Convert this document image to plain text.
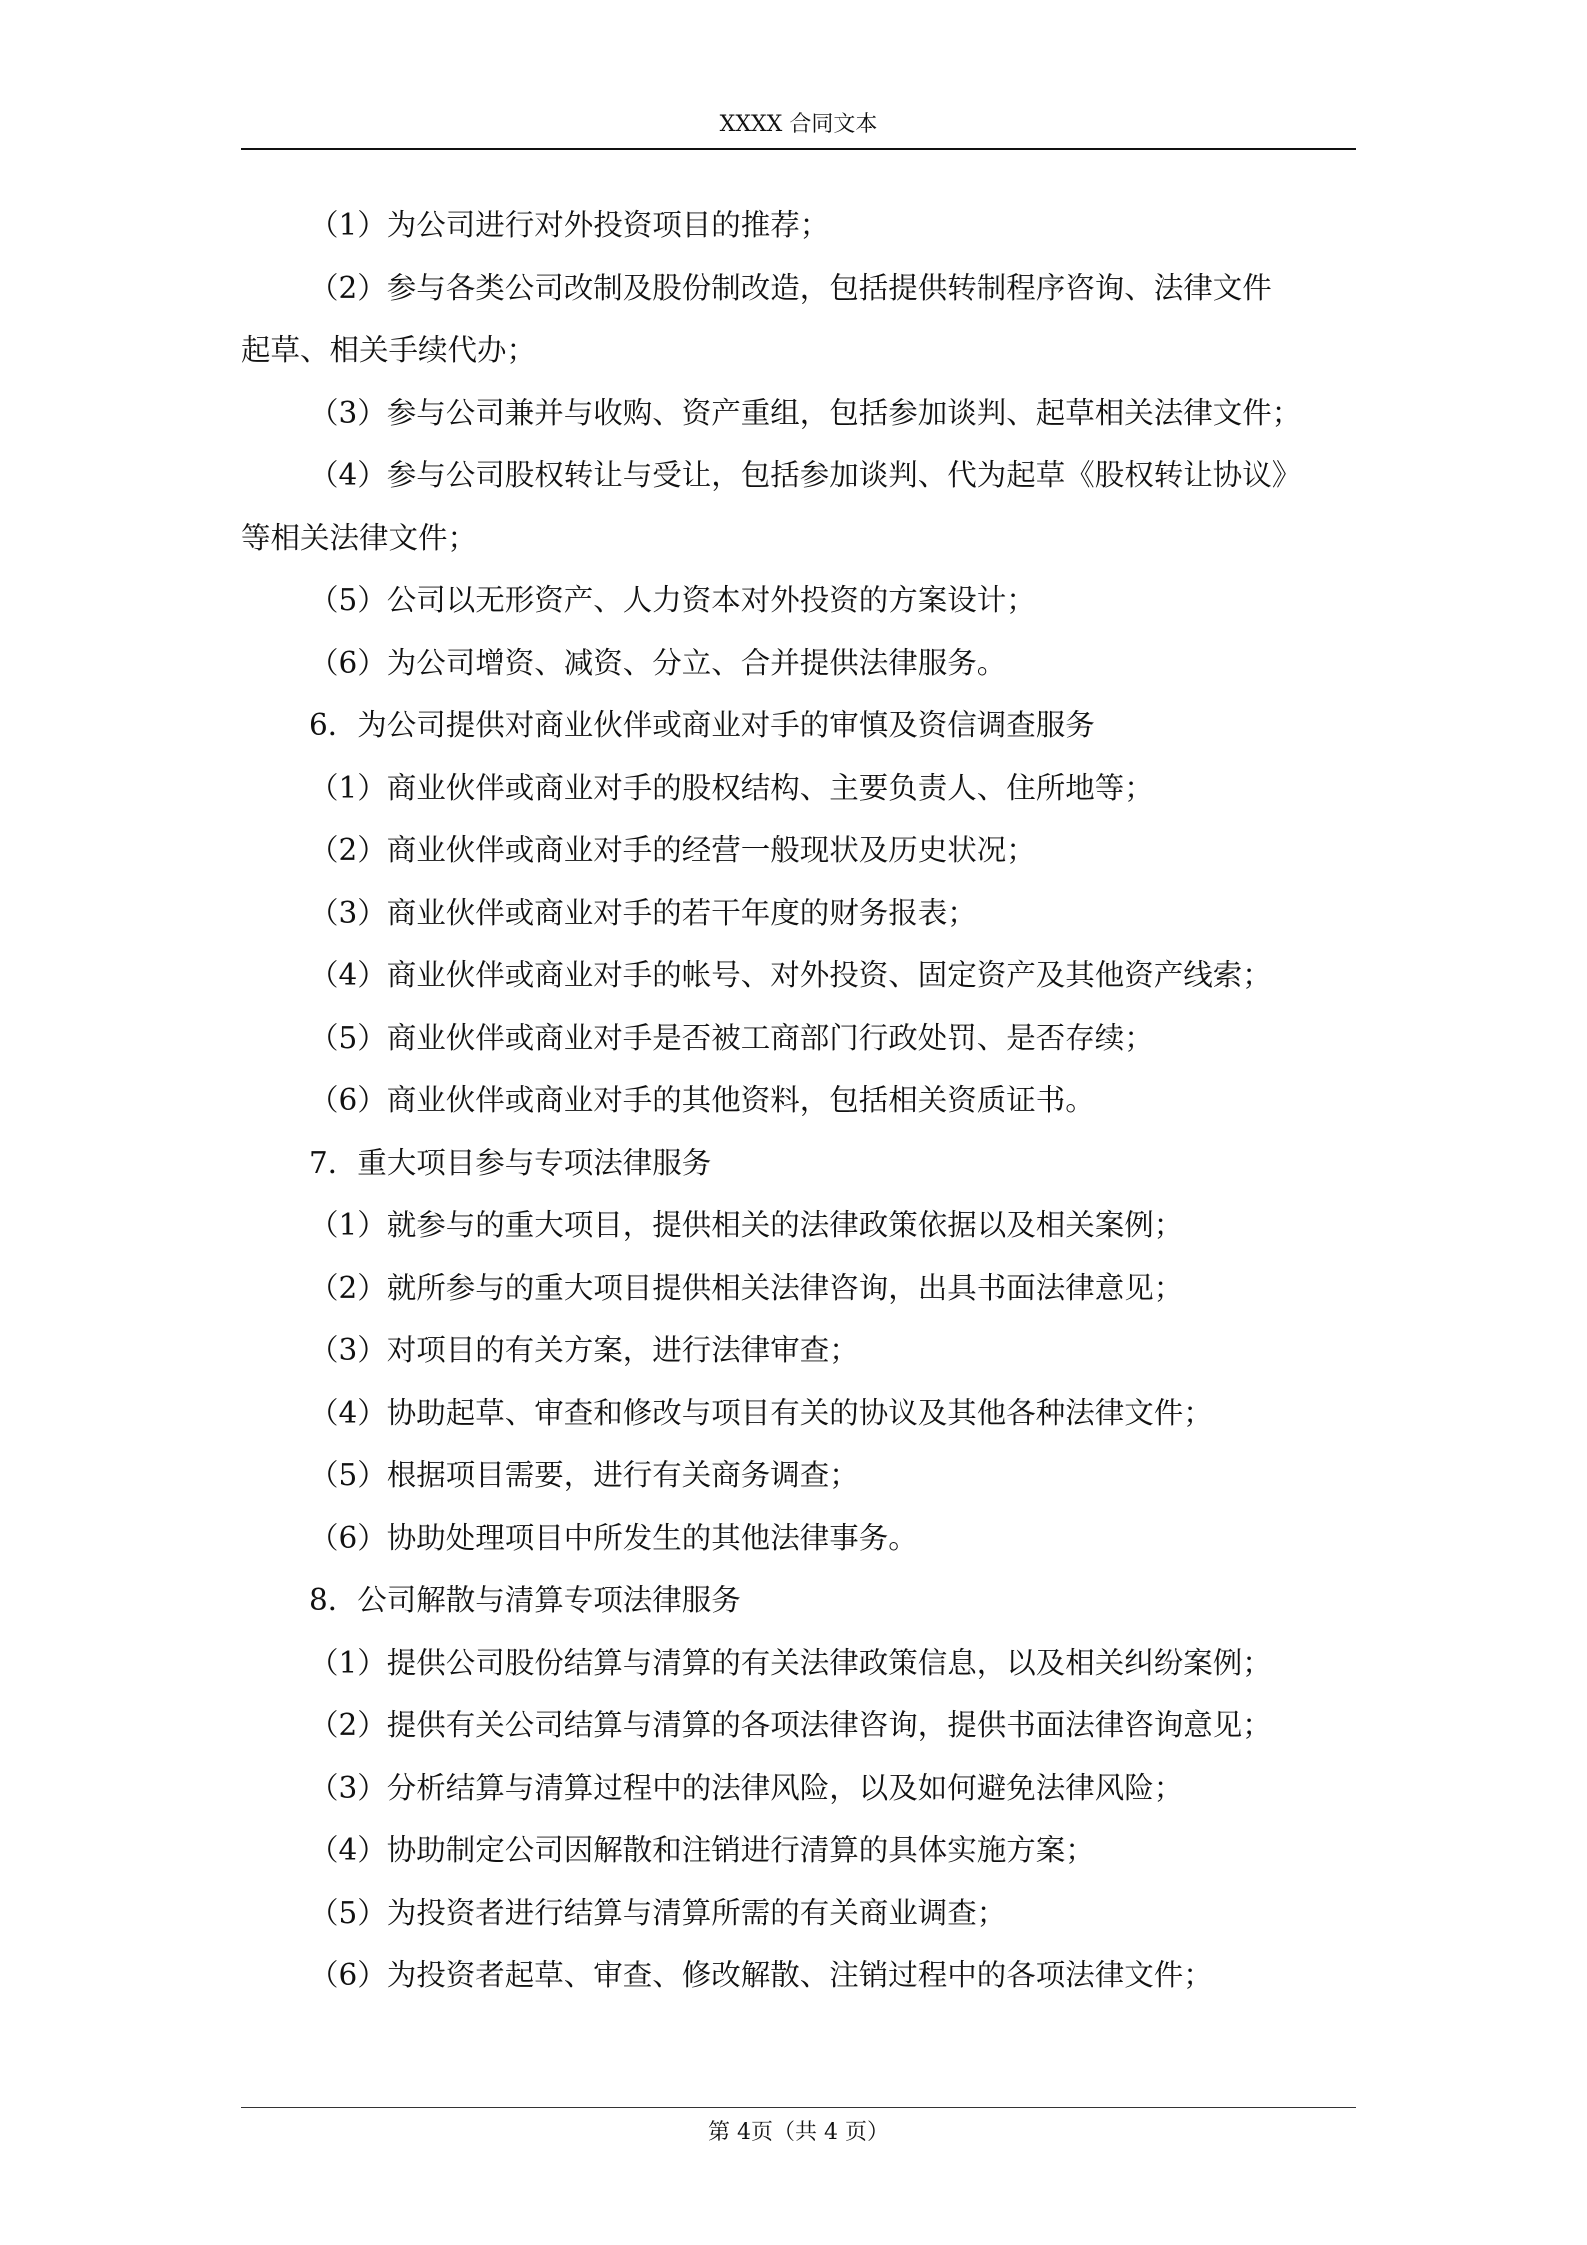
XXXX 合同文本
（1）为公司进行对外投资项目的推荐；
（2）参与各类公司改制及股份制改造，包括提供转制程序咨询、法律文件
起草、相关手续代办；
（3）参与公司兼并与收购、资产重组，包括参加谈判、起草相关法律文件；
（4）参与公司股权转让与受让，包括参加谈判、代为起草《股权转让协议》
等相关法律文件；
（5）公司以无形资产、人力资本对外投资的方案设计；
（6）为公司增资、减资、分立、合并提供法律服务。
6．为公司提供对商业伙伴或商业对手的审慎及资信调查服务
（1）商业伙伴或商业对手的股权结构、主要负责人、住所地等；
（2）商业伙伴或商业对手的经营一般现状及历史状况；
（3）商业伙伴或商业对手的若干年度的财务报表；
（4）商业伙伴或商业对手的帐号、对外投资、固定资产及其他资产线索；
（5）商业伙伴或商业对手是否被工商部门行政处罚、是否存续；
（6）商业伙伴或商业对手的其他资料，包括相关资质证书。
7．重大项目参与专项法律服务
（1）就参与的重大项目，提供相关的法律政策依据以及相关案例；
（2）就所参与的重大项目提供相关法律咨询，出具书面法律意见；
（3）对项目的有关方案，进行法律审查；
（4）协助起草、审查和修改与项目有关的协议及其他各种法律文件；
（5）根据项目需要，进行有关商务调查；
（6）协助处理项目中所发生的其他法律事务。
8．公司解散与清算专项法律服务
（1）提供公司股份结算与清算的有关法律政策信息，以及相关纠纷案例；
（2）提供有关公司结算与清算的各项法律咨询，提供书面法律咨询意见；
（3）分析结算与清算过程中的法律风险，以及如何避免法律风险；
（4）协助制定公司因解散和注销进行清算的具体实施方案；
（5）为投资者进行结算与清算所需的有关商业调查；
（6）为投资者起草、审查、修改解散、注销过程中的各项法律文件；
第 4页（共 4 页）
